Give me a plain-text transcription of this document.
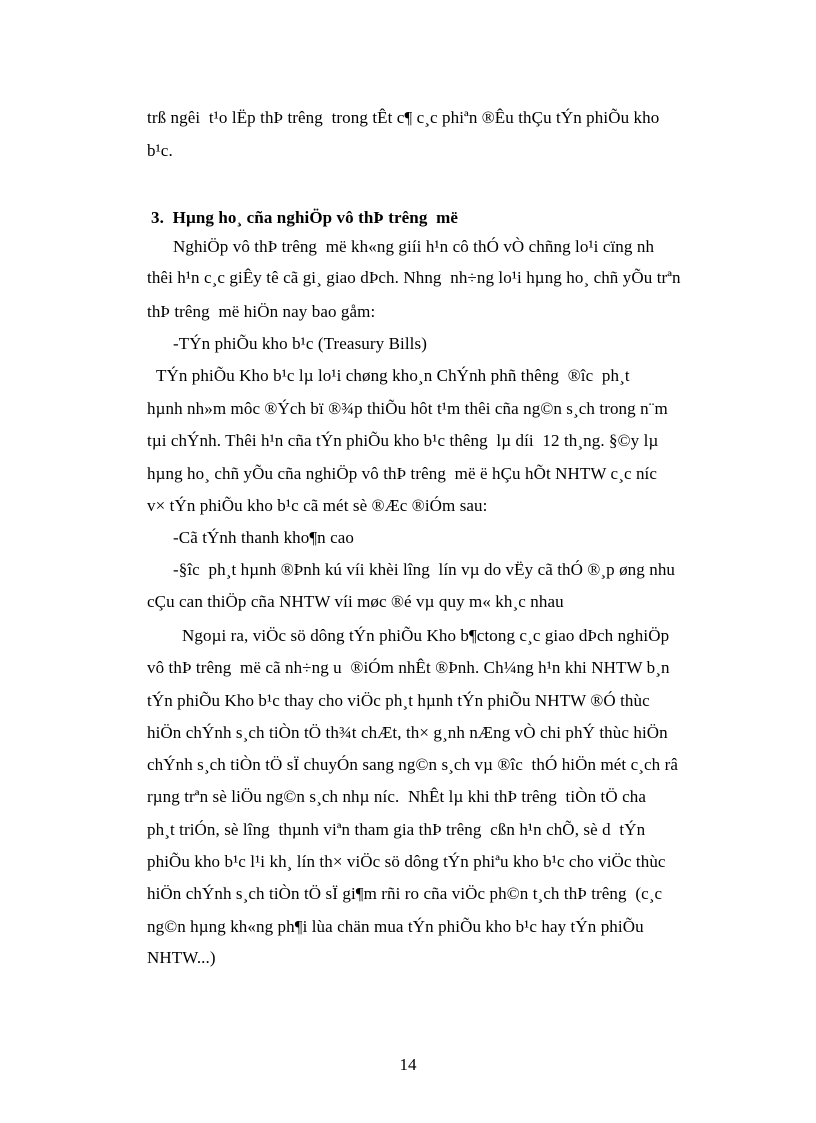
trß ngêi  t¹o lËp thÞ trêng  trong tÊt c¶ c¸c phiªn ®Êu thÇu tÝn phiÕu kho
b¹c.
3.  Hµng ho¸ cña nghiÖp vô thÞ trêng  më
NghiÖp vô thÞ trêng  më kh«ng giíi h¹n cô thÓ vÒ chñng lo¹i cïng nh
thêi h¹n c¸c giÊy tê cã gi¸ giao dÞch. Nhng  nh÷ng lo¹i hµng ho¸ chñ yÕu trªn
thÞ trêng  më hiÖn nay bao gåm:
-TÝn phiÕu kho b¹c (Treasury Bills)
TÝn phiÕu Kho b¹c lµ lo¹i chøng kho¸n ChÝnh phñ thêng  ®îc  ph¸t
hµnh nh»m môc ®Ých bï ®¾p thiÕu hôt t¹m thêi cña ng©n s¸ch trong n¨m
tµi chÝnh. Thêi h¹n cña tÝn phiÕu kho b¹c thêng  lµ díi  12 th¸ng. §©y lµ
hµng ho¸ chñ yÕu cña nghiÖp vô thÞ trêng  më ë hÇu hÕt NHTW c¸c níc
v× tÝn phiÕu kho b¹c cã mét sè ®Æc ®iÓm sau:
-Cã tÝnh thanh kho¶n cao
-§îc  ph¸t hµnh ®Þnh kú víi khèi lîng  lín vµ do vËy cã thÓ ®¸p øng nhu
cÇu can thiÖp cña NHTW víi møc ®é vµ quy m« kh¸c nhau
Ngoµi ra, viÖc sö dông tÝn phiÕu Kho b¶ctong c¸c giao dÞch nghiÖp
vô thÞ trêng  më cã nh÷ng u  ®iÓm nhÊt ®Þnh. Ch¼ng h¹n khi NHTW b¸n
tÝn phiÕu Kho b¹c thay cho viÖc ph¸t hµnh tÝn phiÕu NHTW ®Ó thùc
hiÖn chÝnh s¸ch tiÒn tÖ th¾t chÆt, th× g¸nh nÆng vÒ chi phÝ thùc hiÖn
chÝnh s¸ch tiÒn tÖ sÏ chuyÓn sang ng©n s¸ch vµ ®îc  thÓ hiÖn mét c¸ch râ
rµng trªn sè liÖu ng©n s¸ch nhµ níc.  NhÊt lµ khi thÞ trêng  tiÒn tÖ cha
ph¸t triÓn, sè lîng  thµnh viªn tham gia thÞ trêng  cßn h¹n chÕ, sè d  tÝn
phiÕu kho b¹c l¹i kh¸ lín th× viÖc sö dông tÝn phiªu kho b¹c cho viÖc thùc
hiÖn chÝnh s¸ch tiÒn tÖ sÏ gi¶m rñi ro cña viÖc ph©n t¸ch thÞ trêng  (c¸c
ng©n hµng kh«ng ph¶i lùa chän mua tÝn phiÕu kho b¹c hay tÝn phiÕu
NHTW...)
14
